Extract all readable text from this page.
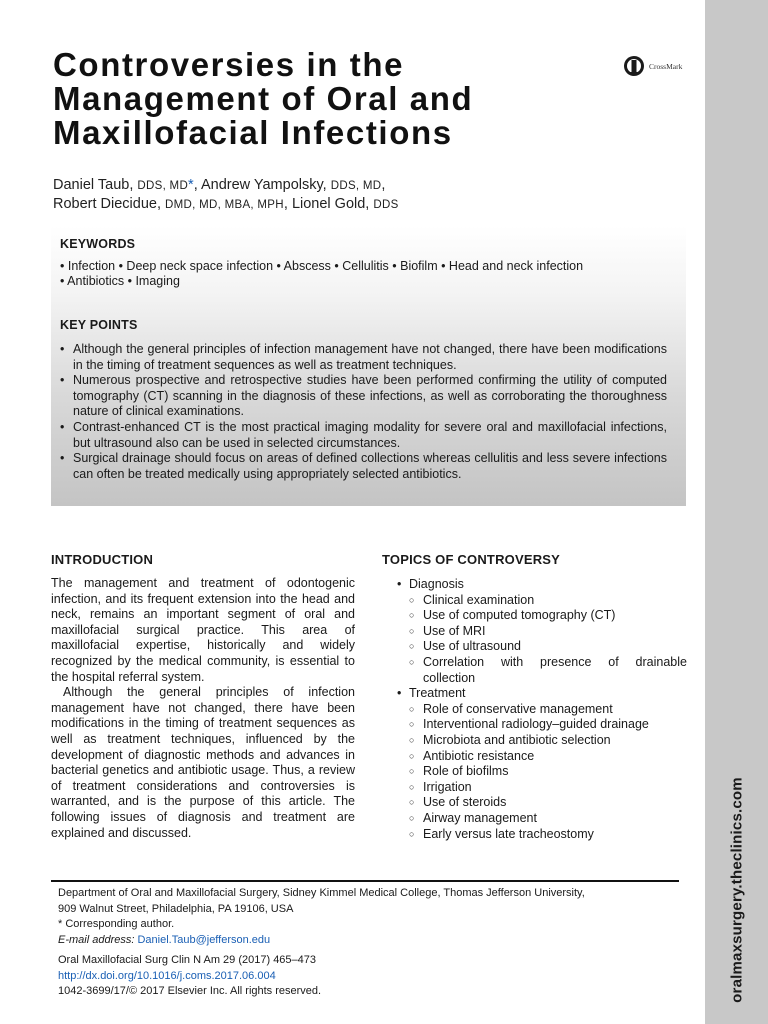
oralmaxsurgery.theclinics.com
Controversies in the Management of Oral and Maxillofacial Infections
CrossMark
Daniel Taub, DDS, MD*, Andrew Yampolsky, DDS, MD,
Robert Diecidue, DMD, MD, MBA, MPH, Lionel Gold, DDS
KEYWORDS
• Infection • Deep neck space infection • Abscess • Cellulitis • Biofilm • Head and neck infection
• Antibiotics • Imaging
KEY POINTS
• Although the general principles of infection management have not changed, there have been modifications in the timing of treatment sequences as well as treatment techniques.
• Numerous prospective and retrospective studies have been performed confirming the utility of computed tomography (CT) scanning in the diagnosis of these infections, as well as corroborating the thoroughness nature of clinical examinations.
• Contrast-enhanced CT is the most practical imaging modality for severe oral and maxillofacial infections, but ultrasound also can be used in selected circumstances.
• Surgical drainage should focus on areas of defined collections whereas cellulitis and less severe infections can often be treated medically using appropriately selected antibiotics.
INTRODUCTION

The management and treatment of odontogenic infection, and its frequent extension into the head and neck, remains an important segment of oral and maxillofacial surgical practice. This area of maxillofacial expertise, historically and widely recognized by the medical community, is essential to the hospital referral system.

Although the general principles of infection management have not changed, there have been modifications in the timing of treatment sequences as well as treatment techniques, influenced by the development of diagnostic methods and advances in bacterial genetics and antibiotic usage. Thus, a review of treatment considerations and controversies is warranted, and is the purpose of this article. The following issues of diagnosis and treatment are explained and discussed.

TOPICS OF CONTROVERSY
• Diagnosis
○ Clinical examination
○ Use of computed tomography (CT)
○ Use of MRI
○ Use of ultrasound
○ Correlation with presence of drainable collection
• Treatment
○ Role of conservative management
○ Interventional radiology–guided drainage
○ Microbiota and antibiotic selection
○ Antibiotic resistance
○ Role of biofilms
○ Irrigation
○ Use of steroids
○ Airway management
○ Early versus late tracheostomy
Department of Oral and Maxillofacial Surgery, Sidney Kimmel Medical College, Thomas Jefferson University,
909 Walnut Street, Philadelphia, PA 19106, USA
* Corresponding author.
E-mail address: Daniel.Taub@jefferson.edu
Oral Maxillofacial Surg Clin N Am 29 (2017) 465–473
http://dx.doi.org/10.1016/j.coms.2017.06.004
1042-3699/17/© 2017 Elsevier Inc. All rights reserved.
